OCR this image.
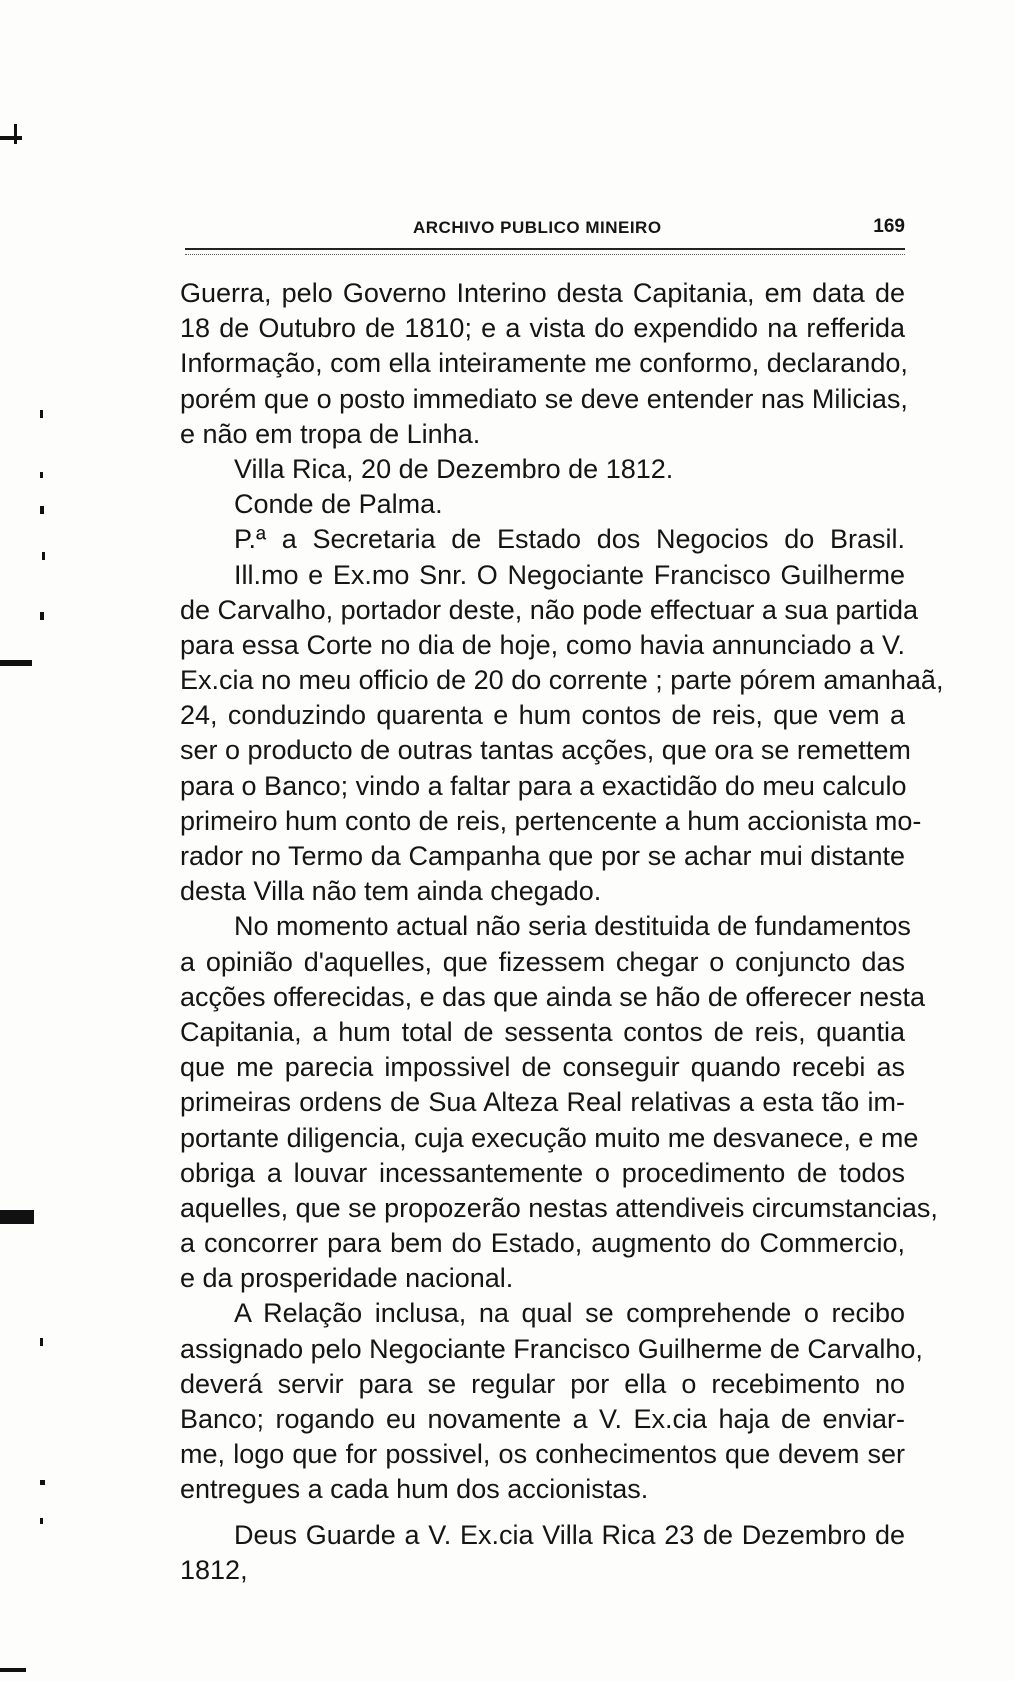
ARCHIVO PUBLICO MINEIRO	169
Guerra, pelo Governo Interino desta Capitania, em data de
18 de Outubro de 1810; e a vista do expendido na refferida
Informação, com ella inteiramente me conformo, declarando,
porém que o posto immediato se deve entender nas Milicias,
e não em tropa de Linha.
Villa Rica, 20 de Dezembro de 1812.
Conde de Palma.
P.ª a Secretaria de Estado dos Negocios do Brasil.
Ill.mo e Ex.mo Snr. O Negociante Francisco Guilherme
de Carvalho, portador deste, não pode effectuar a sua partida
para essa Corte no dia de hoje, como havia annunciado a V.
Ex.cia no meu officio de 20 do corrente ; parte pórem amanhaã,
24, conduzindo quarenta e hum contos de reis, que vem a
ser o producto de outras tantas acções, que ora se remettem
para o Banco; vindo a faltar para a exactidão do meu calculo
primeiro hum conto de reis, pertencente a hum accionista mo-
rador no Termo da Campanha que por se achar mui distante
desta Villa não tem ainda chegado.
No momento actual não seria destituida de fundamentos
a opinião d'aquelles, que fizessem chegar o conjuncto das
acções offerecidas, e das que ainda se hão de offerecer nesta
Capitania, a hum total de sessenta contos de reis, quantia
que me parecia impossivel de conseguir quando recebi as
primeiras ordens de Sua Alteza Real relativas a esta tão im-
portante diligencia, cuja execução muito me desvanece, e me
obriga a louvar incessantemente o procedimento de todos
aquelles, que se propozerão nestas attendiveis circumstancias,
a concorrer para bem do Estado, augmento do Commercio,
e da prosperidade nacional.
A Relação inclusa, na qual se comprehende o recibo
assignado pelo Negociante Francisco Guilherme de Carvalho,
deverá servir para se regular por ella o recebimento no
Banco; rogando eu novamente a V. Ex.cia haja de enviar-
me, logo que for possivel, os conhecimentos que devem ser
entregues a cada hum dos accionistas.
Deus Guarde a V. Ex.cia Villa Rica 23 de Dezembro de
1812,
